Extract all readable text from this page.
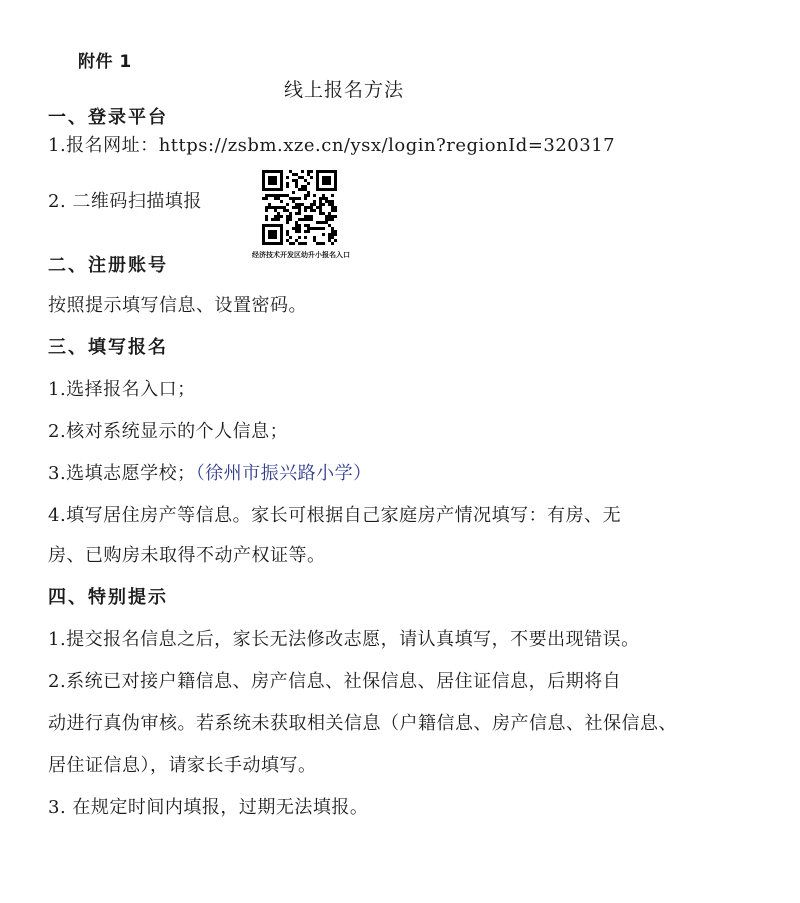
附件 1
线上报名方法
一、登录平台
1.报名网址：https://zsbm.xze.cn/ysx/login?regionId=320317
2. 二维码扫描填报
经济技术开发区幼升小报名入口
二、注册账号
按照提示填写信息、设置密码。
三、填写报名
1.选择报名入口；
2.核对系统显示的个人信息；
3.选填志愿学校；（徐州市振兴路小学）
4.填写居住房产等信息。家长可根据自己家庭房产情况填写：有房、无
房、已购房未取得不动产权证等。
四、特别提示
1.提交报名信息之后，家长无法修改志愿，请认真填写，不要出现错误。
2.系统已对接户籍信息、房产信息、社保信息、居住证信息，后期将自
动进行真伪审核。若系统未获取相关信息（户籍信息、房产信息、社保信息、
居住证信息），请家长手动填写。
3. 在规定时间内填报，过期无法填报。
